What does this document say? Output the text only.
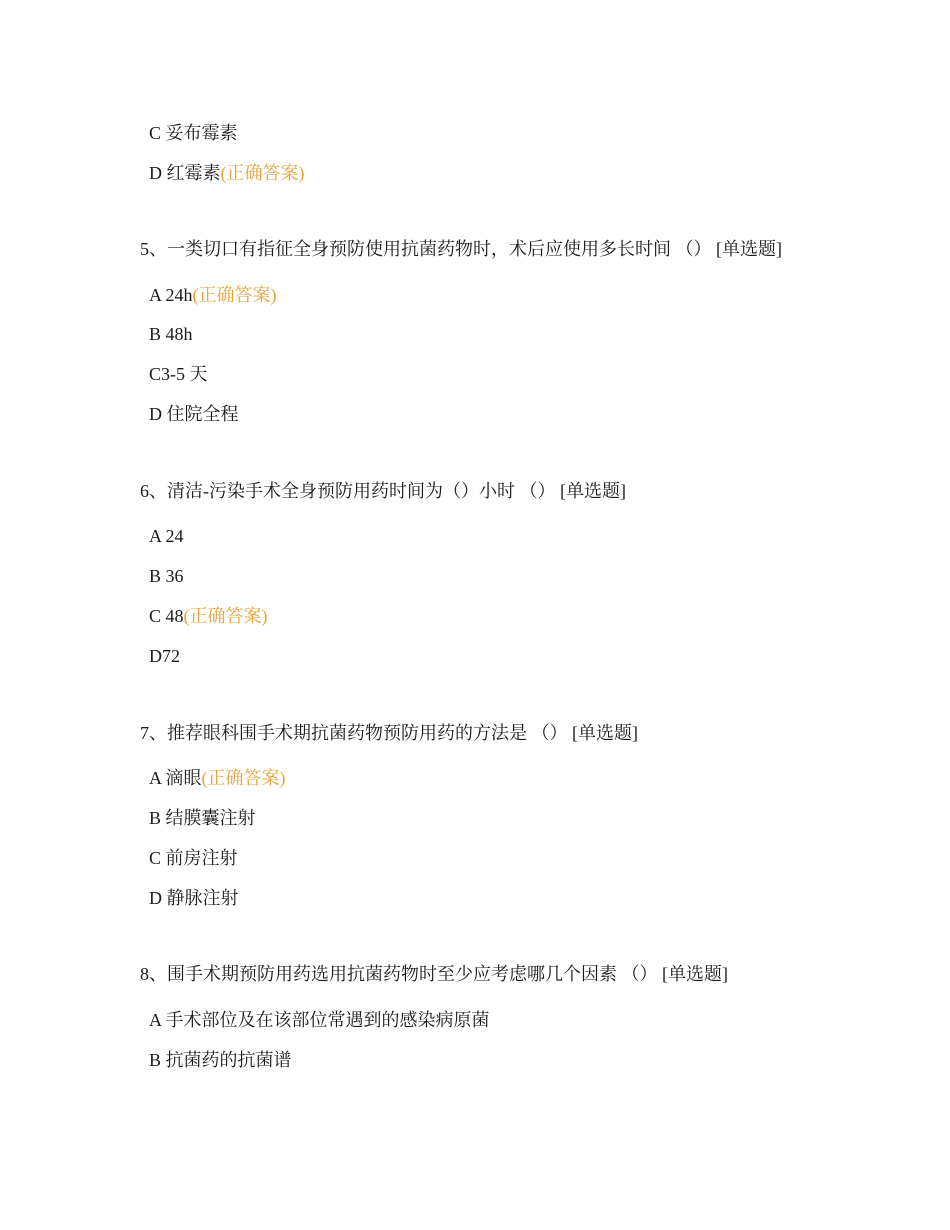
C 妥布霉素
D 红霉素(正确答案)
5、一类切口有指征全身预防使用抗菌药物时，术后应使用多长时间 （） [单选题]
A 24h(正确答案)
B 48h
C3-5 天
D 住院全程
6、清洁-污染手术全身预防用药时间为（）小时 （） [单选题]
A 24
B 36
C 48(正确答案)
D72
7、推荐眼科围手术期抗菌药物预防用药的方法是 （） [单选题]
A 滴眼(正确答案)
B 结膜囊注射
C 前房注射
D 静脉注射
8、围手术期预防用药选用抗菌药物时至少应考虑哪几个因素 （） [单选题]
A 手术部位及在该部位常遇到的感染病原菌
B 抗菌药的抗菌谱
